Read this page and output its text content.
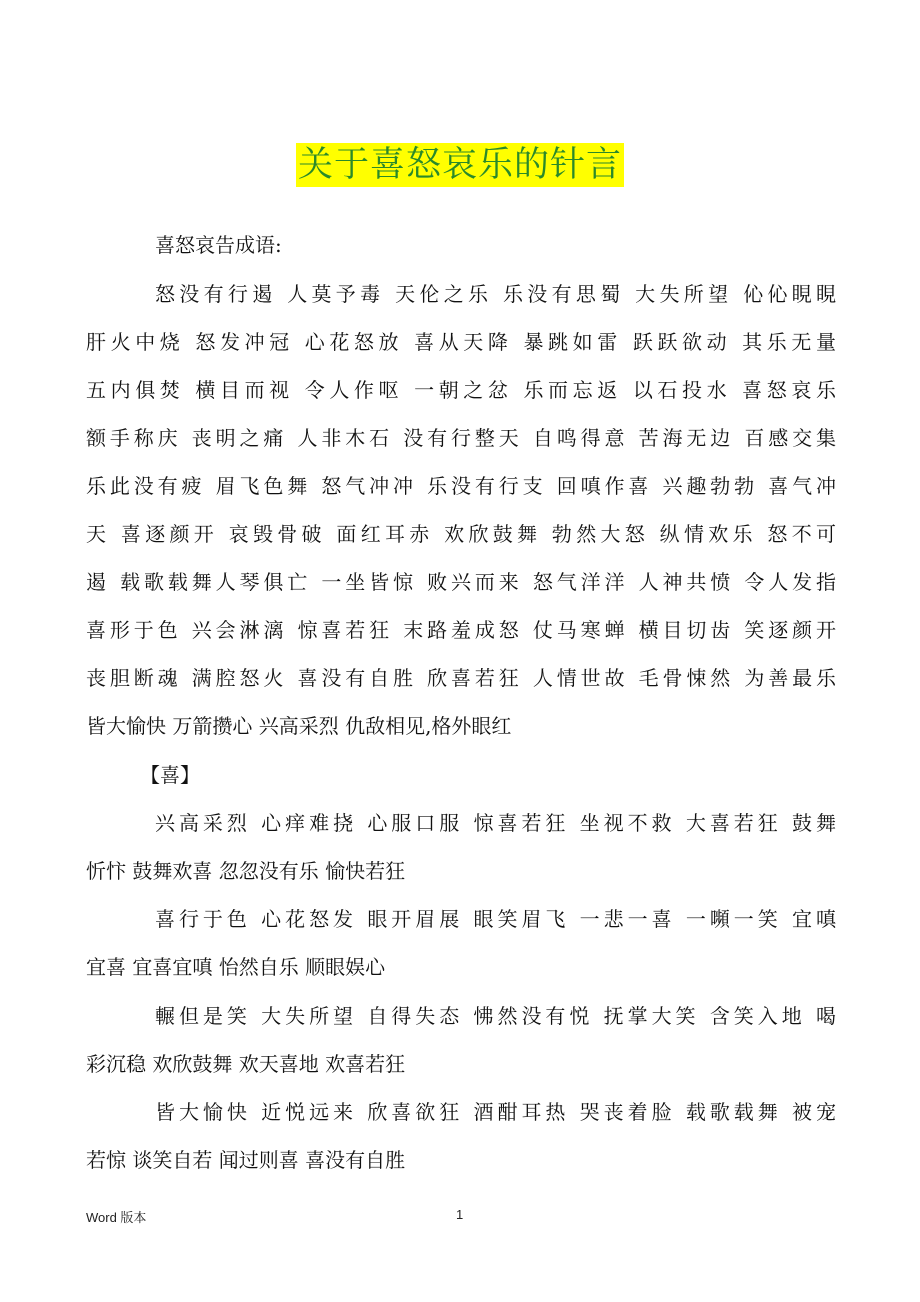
关于喜怒哀乐的针言
喜怒哀告成语:
怒没有行遏 人莫予毒 天伦之乐 乐没有思蜀 大失所望 伈伈睍睍
肝火中烧 怒发冲冠 心花怒放 喜从天降 暴跳如雷 跃跃欲动 其乐无量
五内俱焚 横目而视 令人作呕 一朝之忿 乐而忘返 以石投水 喜怒哀乐
额手称庆 丧明之痛 人非木石 没有行整天 自鸣得意 苦海无边 百感交集
乐此没有疲 眉飞色舞 怒气冲冲 乐没有行支 回嗔作喜 兴趣勃勃 喜气冲
天 喜逐颜开 哀毁骨破 面红耳赤 欢欣鼓舞 勃然大怒 纵情欢乐 怒不可
遏 载歌载舞人琴俱亡 一坐皆惊 败兴而来 怒气洋洋 人神共愤 令人发指
喜形于色 兴会淋漓 惊喜若狂 末路羞成怒 仗马寒蝉 横目切齿 笑逐颜开
丧胆断魂 满腔怒火 喜没有自胜 欣喜若狂 人情世故 毛骨悚然 为善最乐
皆大愉快 万箭攒心 兴高采烈 仇敌相见,格外眼红
【喜】
兴高采烈 心痒难挠 心服口服 惊喜若狂 坐视不救 大喜若狂 鼓舞
忻忭 鼓舞欢喜 忽忽没有乐 愉快若狂
喜行于色 心花怒发 眼开眉展 眼笑眉飞 一悲一喜 一嚬一笑 宜嗔
宜喜 宜喜宜嗔 怡然自乐 顺眼娱心
輾但是笑 大失所望 自得失态 怫然没有悦 抚掌大笑 含笑入地 喝
彩沉稳 欢欣鼓舞 欢天喜地 欢喜若狂
皆大愉快 近悦远来 欣喜欲狂 酒酣耳热 哭丧着脸 载歌载舞 被宠
若惊 谈笑自若 闻过则喜 喜没有自胜
Word 版本	1
